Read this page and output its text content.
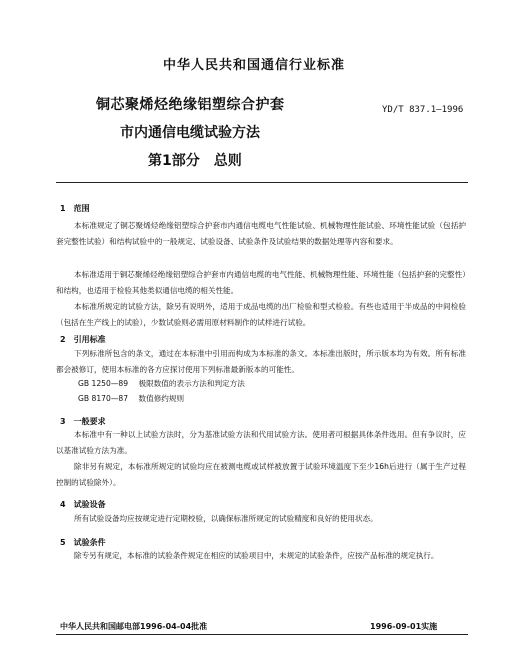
中华人民共和国通信行业标准
铜芯聚烯烃绝缘铝塑综合护套	YD/T 837.1—1996
市内通信电缆试验方法
第1部分　总则
1　范围

本标准规定了铜芯聚烯烃绝缘铝塑综合护套市内通信电缆电气性能试验、机械物理性能试验、环境性能试验（包括护套完整性试验）和结构试验中的一般规定、试验设备、试验条件及试验结果的数据处理等内容和要求。

本标准适用于铜芯聚烯烃绝缘铝塑综合护套市内通信电缆的电气性能、机械物理性能、环境性能（包括护套的完整性）和结构，也适用于检验其他类似通信电缆的相关性能。

本标准所规定的试验方法，除另有说明外，适用于成品电缆的出厂检验和型式检验。有些也适用于半成品的中间检验（包括在生产线上的试验），少数试验则必需用原材料制作的试样进行试验。

2　引用标准

下列标准所包含的条文，通过在本标准中引用而构成为本标准的条文。本标准出版时，所示版本均为有效。所有标准都会被修订，使用本标准的各方应探讨使用下列标准最新版本的可能性。

GB 1250—89 极限数值的表示方法和判定方法
GB 8170—87 数值修约规则
3　一般要求

本标准中有一种以上试验方法时，分为基准试验方法和代用试验方法。使用者可根据具体条件选用。但有争议时，应以基准试验方法为准。

除非另有规定，本标准所规定的试验均应在被测电缆或试样被放置于试验环境温度下至少16h后进行（属于生产过程控制的试验除外）。

4　试验设备

所有试验设备均应按规定进行定期校验，以确保标准所规定的试验精度和良好的使用状态。

5　试验条件

除专另有规定，本标准的试验条件规定在相应的试验项目中，未规定的试验条件，应按产品标准的规定执行。

中华人民共和国邮电部1996-04-04批准	1996-09-01实施
